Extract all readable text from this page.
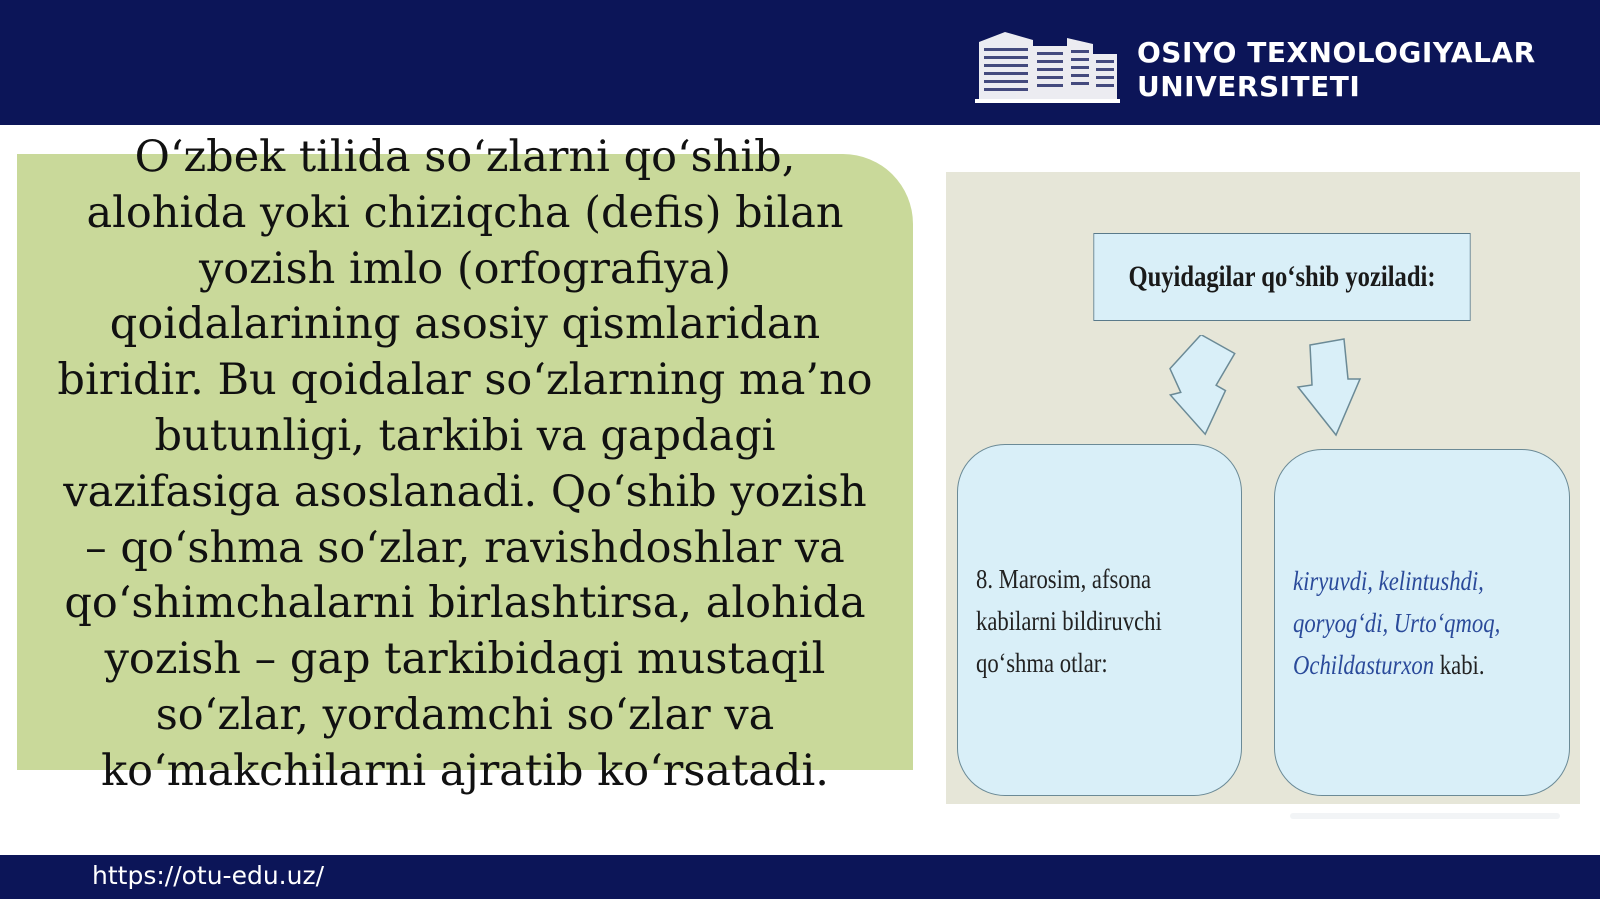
OSIYO TEXNOLOGIYALAR
UNIVERSITETI
O‘zbek tilida so‘zlarni qo‘shib,
alohida yoki chiziqcha (defis) bilan
yozish imlo (orfografiya)
qoidalarining asosiy qismlaridan
biridir. Bu qoidalar so‘zlarning ma’no
butunligi, tarkibi va gapdagi
vazifasiga asoslanadi. Qo‘shib yozish
– qo‘shma so‘zlar, ravishdoshlar va
qo‘shimchalarni birlashtirsa, alohida
yozish – gap tarkibidagi mustaqil
so‘zlar, yordamchi so‘zlar va
ko‘makchilarni ajratib ko‘rsatadi.
Quyidagilar qo‘shib yoziladi:
8. Marosim, afsona
kabilarni bildiruvchi
qo‘shma otlar:
kiryuvdi, kelintushdi,
qoryog‘di, Urto‘qmoq,
Ochildasturxon kabi.
https://otu-edu.uz/
